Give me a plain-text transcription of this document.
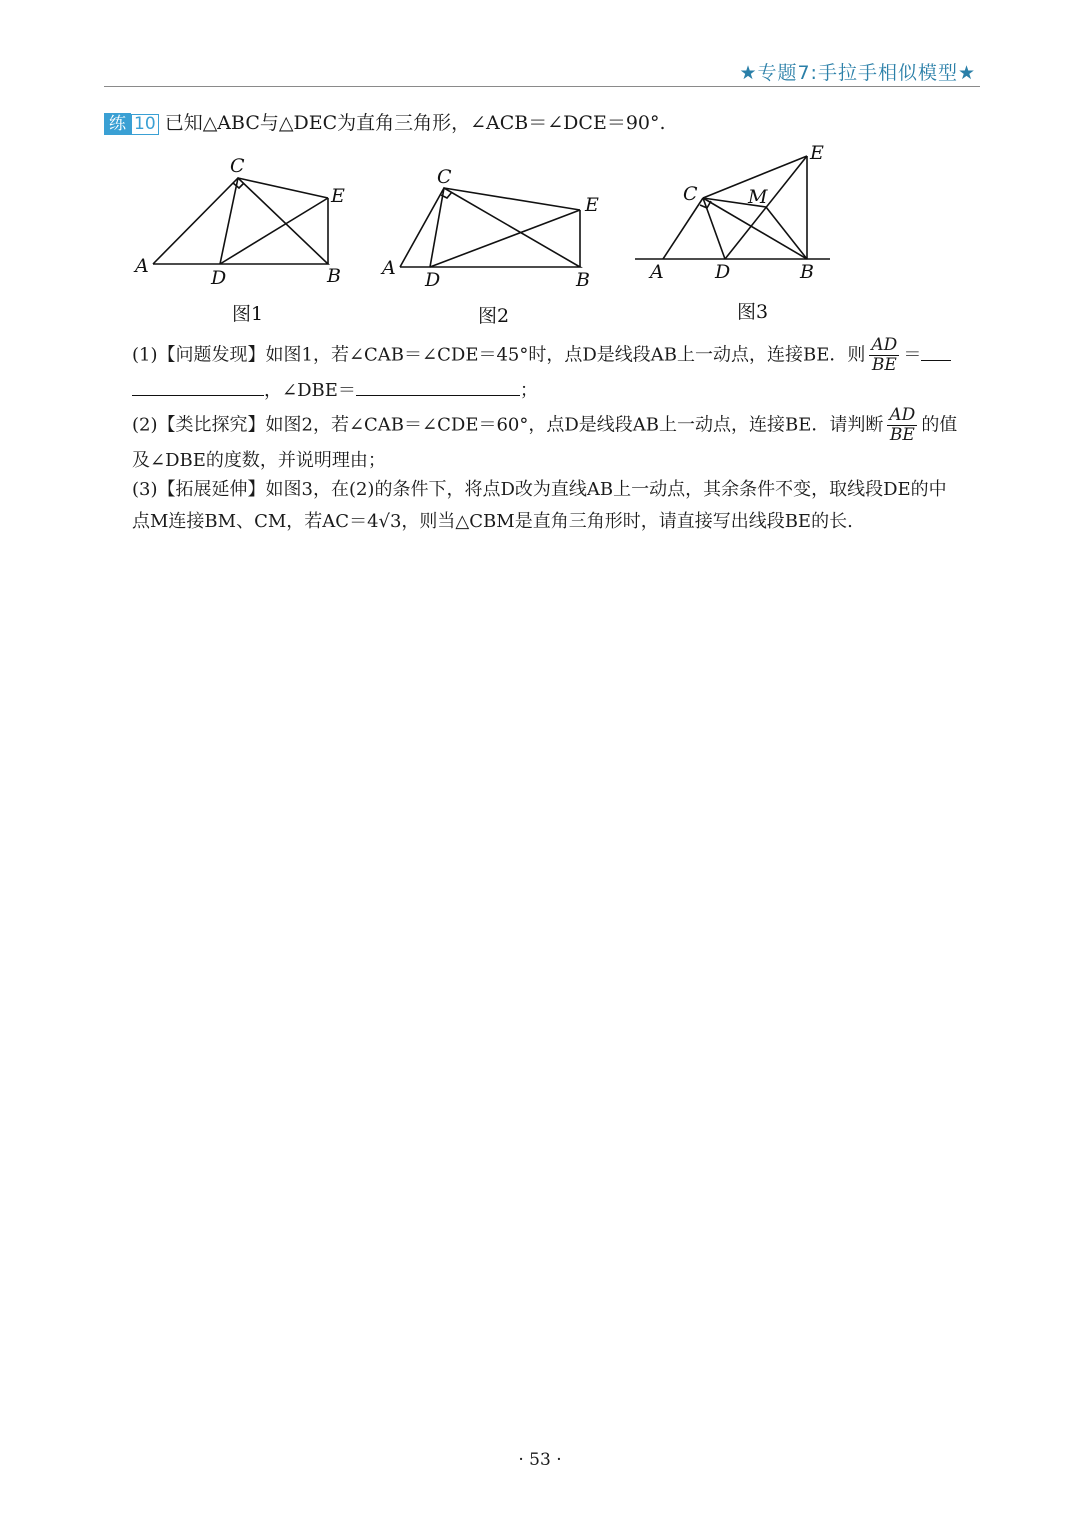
★专题7:手拉手相似模型★
练 10 已知△ABC与△DEC为直角三角形，∠ACB＝∠DCE＝90°.
C
A
D	B
E
图1
C
A
D	B
E
图2
C	M
E
A	D	B
图3
(1)【问题发现】如图1，若∠CAB＝∠CDE＝45°时，点D是线段AB上一动点，连接BE．则 $\frac{AD}{BE}$ ＝
，∠DBE＝	；
(2)【类比探究】如图2，若∠CAB＝∠CDE＝60°，点D是线段AB上一动点，连接BE．请判断 $\frac{AD}{BE}$ 的值
及∠DBE的度数，并说明理由；
(3)【拓展延伸】如图3，在(2)的条件下，将点D改为直线AB上一动点，其余条件不变，取线段DE的中
点M连接BM、CM，若AC＝4√3，则当△CBM是直角三角形时，请直接写出线段BE的长.
· 53 ·
